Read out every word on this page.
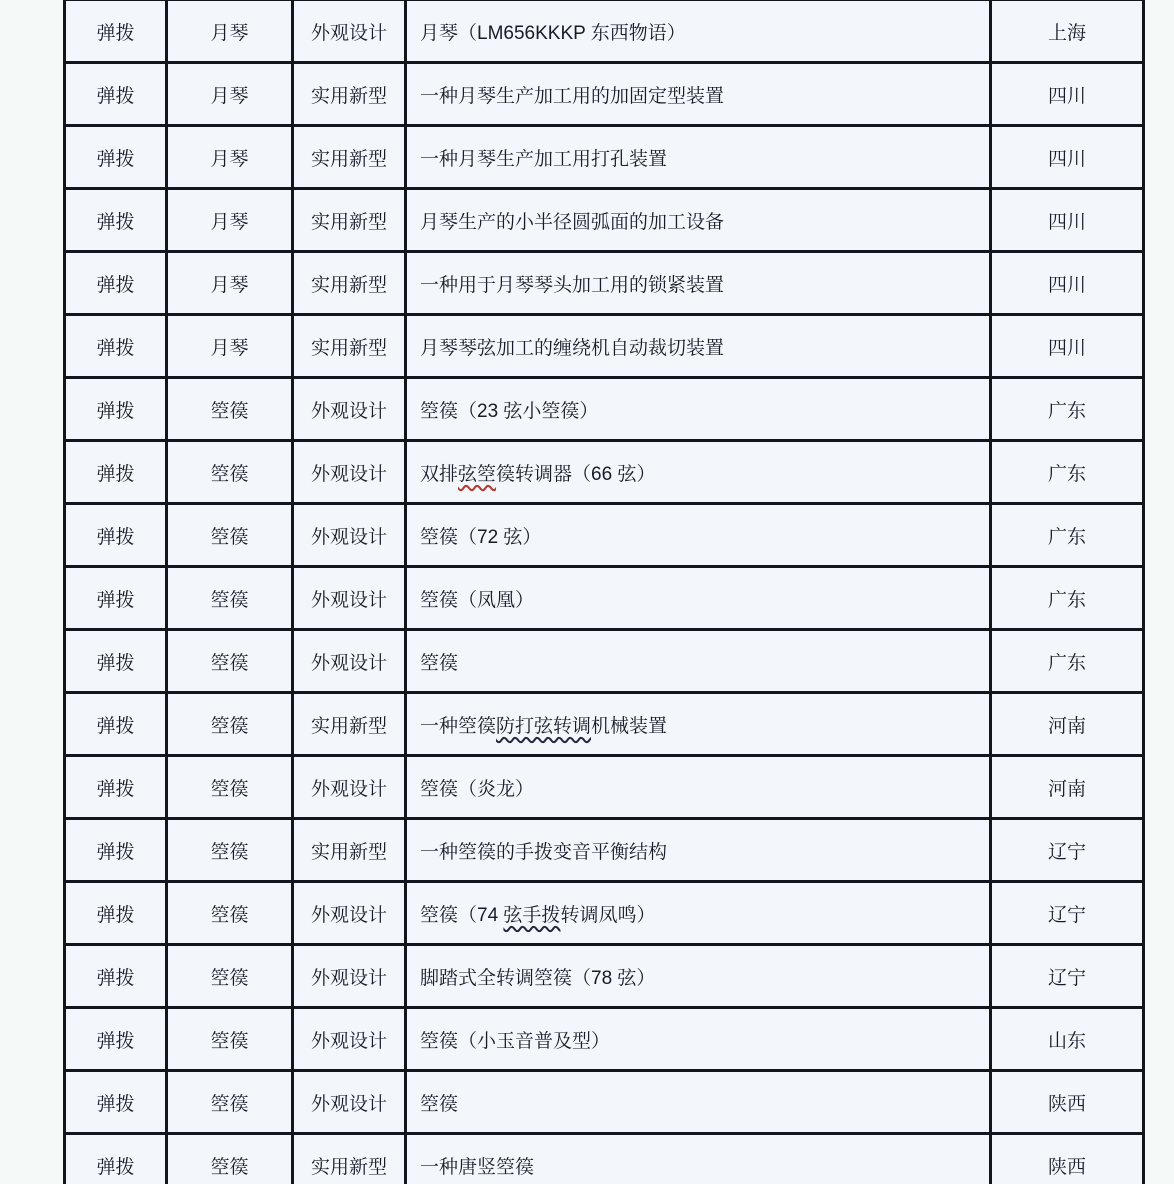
弹拨	月琴	外观设计	月琴（LM656KKKP 东西物语）	上海
弹拨	月琴	实用新型	一种月琴生产加工用的加固定型装置	四川
弹拨	月琴	实用新型	一种月琴生产加工用打孔装置	四川
弹拨	月琴	实用新型	月琴生产的小半径圆弧面的加工设备	四川
弹拨	月琴	实用新型	一种用于月琴琴头加工用的锁紧装置	四川
弹拨	月琴	实用新型	月琴琴弦加工的缠绕机自动裁切装置	四川
弹拨	箜篌	外观设计	箜篌（23 弦小箜篌）	广东
弹拨	箜篌	外观设计	双排弦箜篌转调器（66 弦）	广东
弹拨	箜篌	外观设计	箜篌（72 弦）	广东
弹拨	箜篌	外观设计	箜篌（凤凰）	广东
弹拨	箜篌	外观设计	箜篌	广东
弹拨	箜篌	实用新型	一种箜篌防打弦转调机械装置	河南
弹拨	箜篌	外观设计	箜篌（炎龙）	河南
弹拨	箜篌	实用新型	一种箜篌的手拨变音平衡结构	辽宁
弹拨	箜篌	外观设计	箜篌（74 弦手拨转调凤鸣）	辽宁
弹拨	箜篌	外观设计	脚踏式全转调箜篌（78 弦）	辽宁
弹拨	箜篌	外观设计	箜篌（小玉音普及型）	山东
弹拨	箜篌	外观设计	箜篌	陕西
弹拨	箜篌	实用新型	一种唐竖箜篌	陕西
